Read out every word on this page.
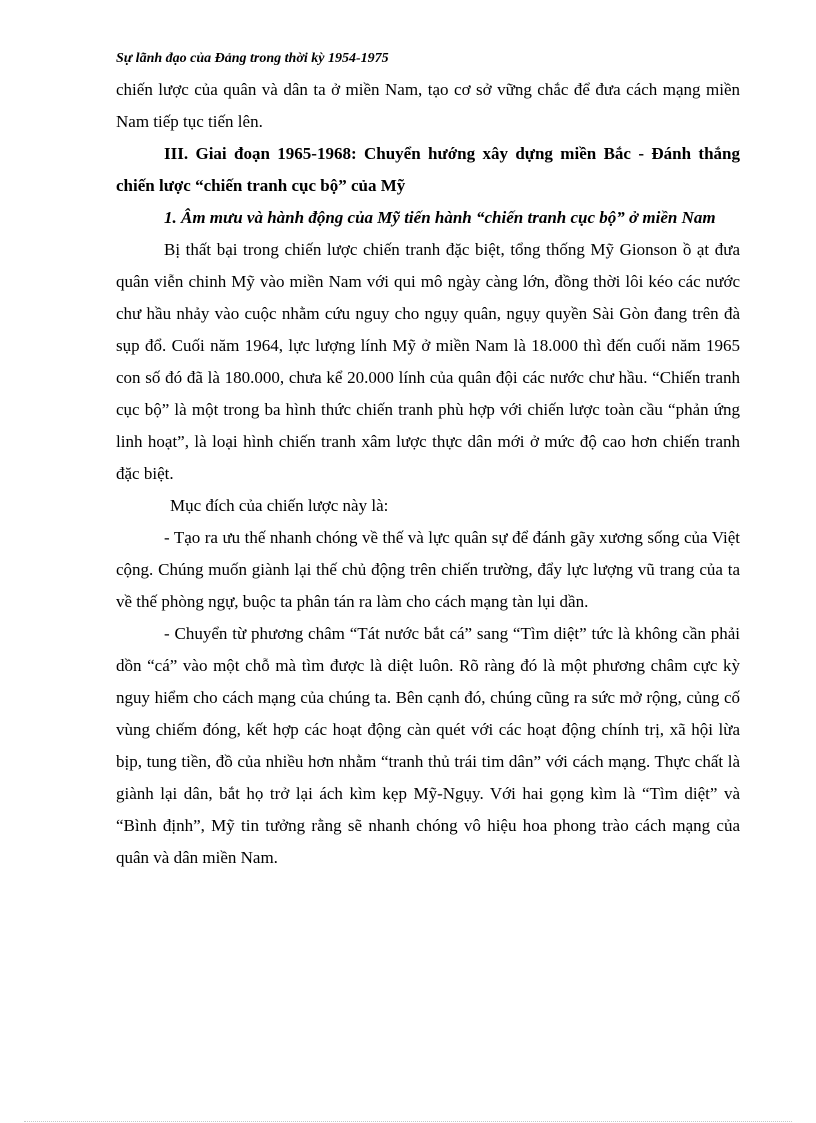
Sự lãnh đạo của Đảng trong thời kỳ 1954-1975

chiến lược của quân và dân ta ở miền Nam, tạo cơ sở vững chắc để đưa cách mạng miền Nam tiếp tục tiến lên.

III. Giai đoạn 1965-1968: Chuyển hướng xây dựng miền Bắc - Đánh thắng chiến lược “chiến tranh cục bộ” của Mỹ

1. Âm mưu và hành động của Mỹ tiến hành “chiến tranh cục bộ” ở miền Nam

Bị thất bại trong chiến lược chiến tranh đặc biệt, tổng thống Mỹ Gionson ồ ạt đưa quân viễn chinh Mỹ vào miền Nam với qui mô ngày càng lớn, đồng thời lôi kéo các nước chư hầu nhảy vào cuộc nhằm cứu nguy cho ngụy quân, ngụy quyền Sài Gòn đang trên đà sụp đổ. Cuối năm 1964, lực lượng lính Mỹ ở miền Nam là 18.000 thì đến cuối năm 1965 con số đó đã là 180.000, chưa kể 20.000 lính của quân đội các nước chư hầu. “Chiến tranh cục bộ” là một trong ba hình thức chiến tranh phù hợp với chiến lược toàn cầu “phản ứng linh hoạt”, là loại hình chiến tranh xâm lược thực dân mới ở mức độ cao hơn chiến tranh đặc biệt.

Mục đích của chiến lược này là:

- Tạo ra ưu thế nhanh chóng về thế và lực quân sự để đánh gãy xương sống của Việt cộng. Chúng muốn giành lại thế chủ động trên chiến trường, đẩy lực lượng vũ trang của ta về thế phòng ngự, buộc ta phân tán ra làm cho cách mạng tàn lụi dần.

- Chuyển từ phương châm “Tát nước bắt cá” sang “Tìm diệt” tức là không cần phải dồn “cá” vào một chỗ mà tìm được là diệt luôn. Rõ ràng đó là một phương châm cực kỳ nguy hiểm cho cách mạng của chúng ta. Bên cạnh đó, chúng cũng ra sức mở rộng, củng cố vùng chiếm đóng, kết hợp các hoạt động càn quét với các hoạt động chính trị, xã hội lừa bịp, tung tiền, đồ của nhiều hơn nhằm “tranh thủ trái tim dân” với cách mạng. Thực chất là giành lại dân, bắt họ trở lại ách kìm kẹp Mỹ-Ngụy. Với hai gọng kìm là “Tìm diệt” và “Bình định”, Mỹ tin tưởng rằng sẽ nhanh chóng vô hiệu hoa phong trào cách mạng của quân và dân miền Nam.
